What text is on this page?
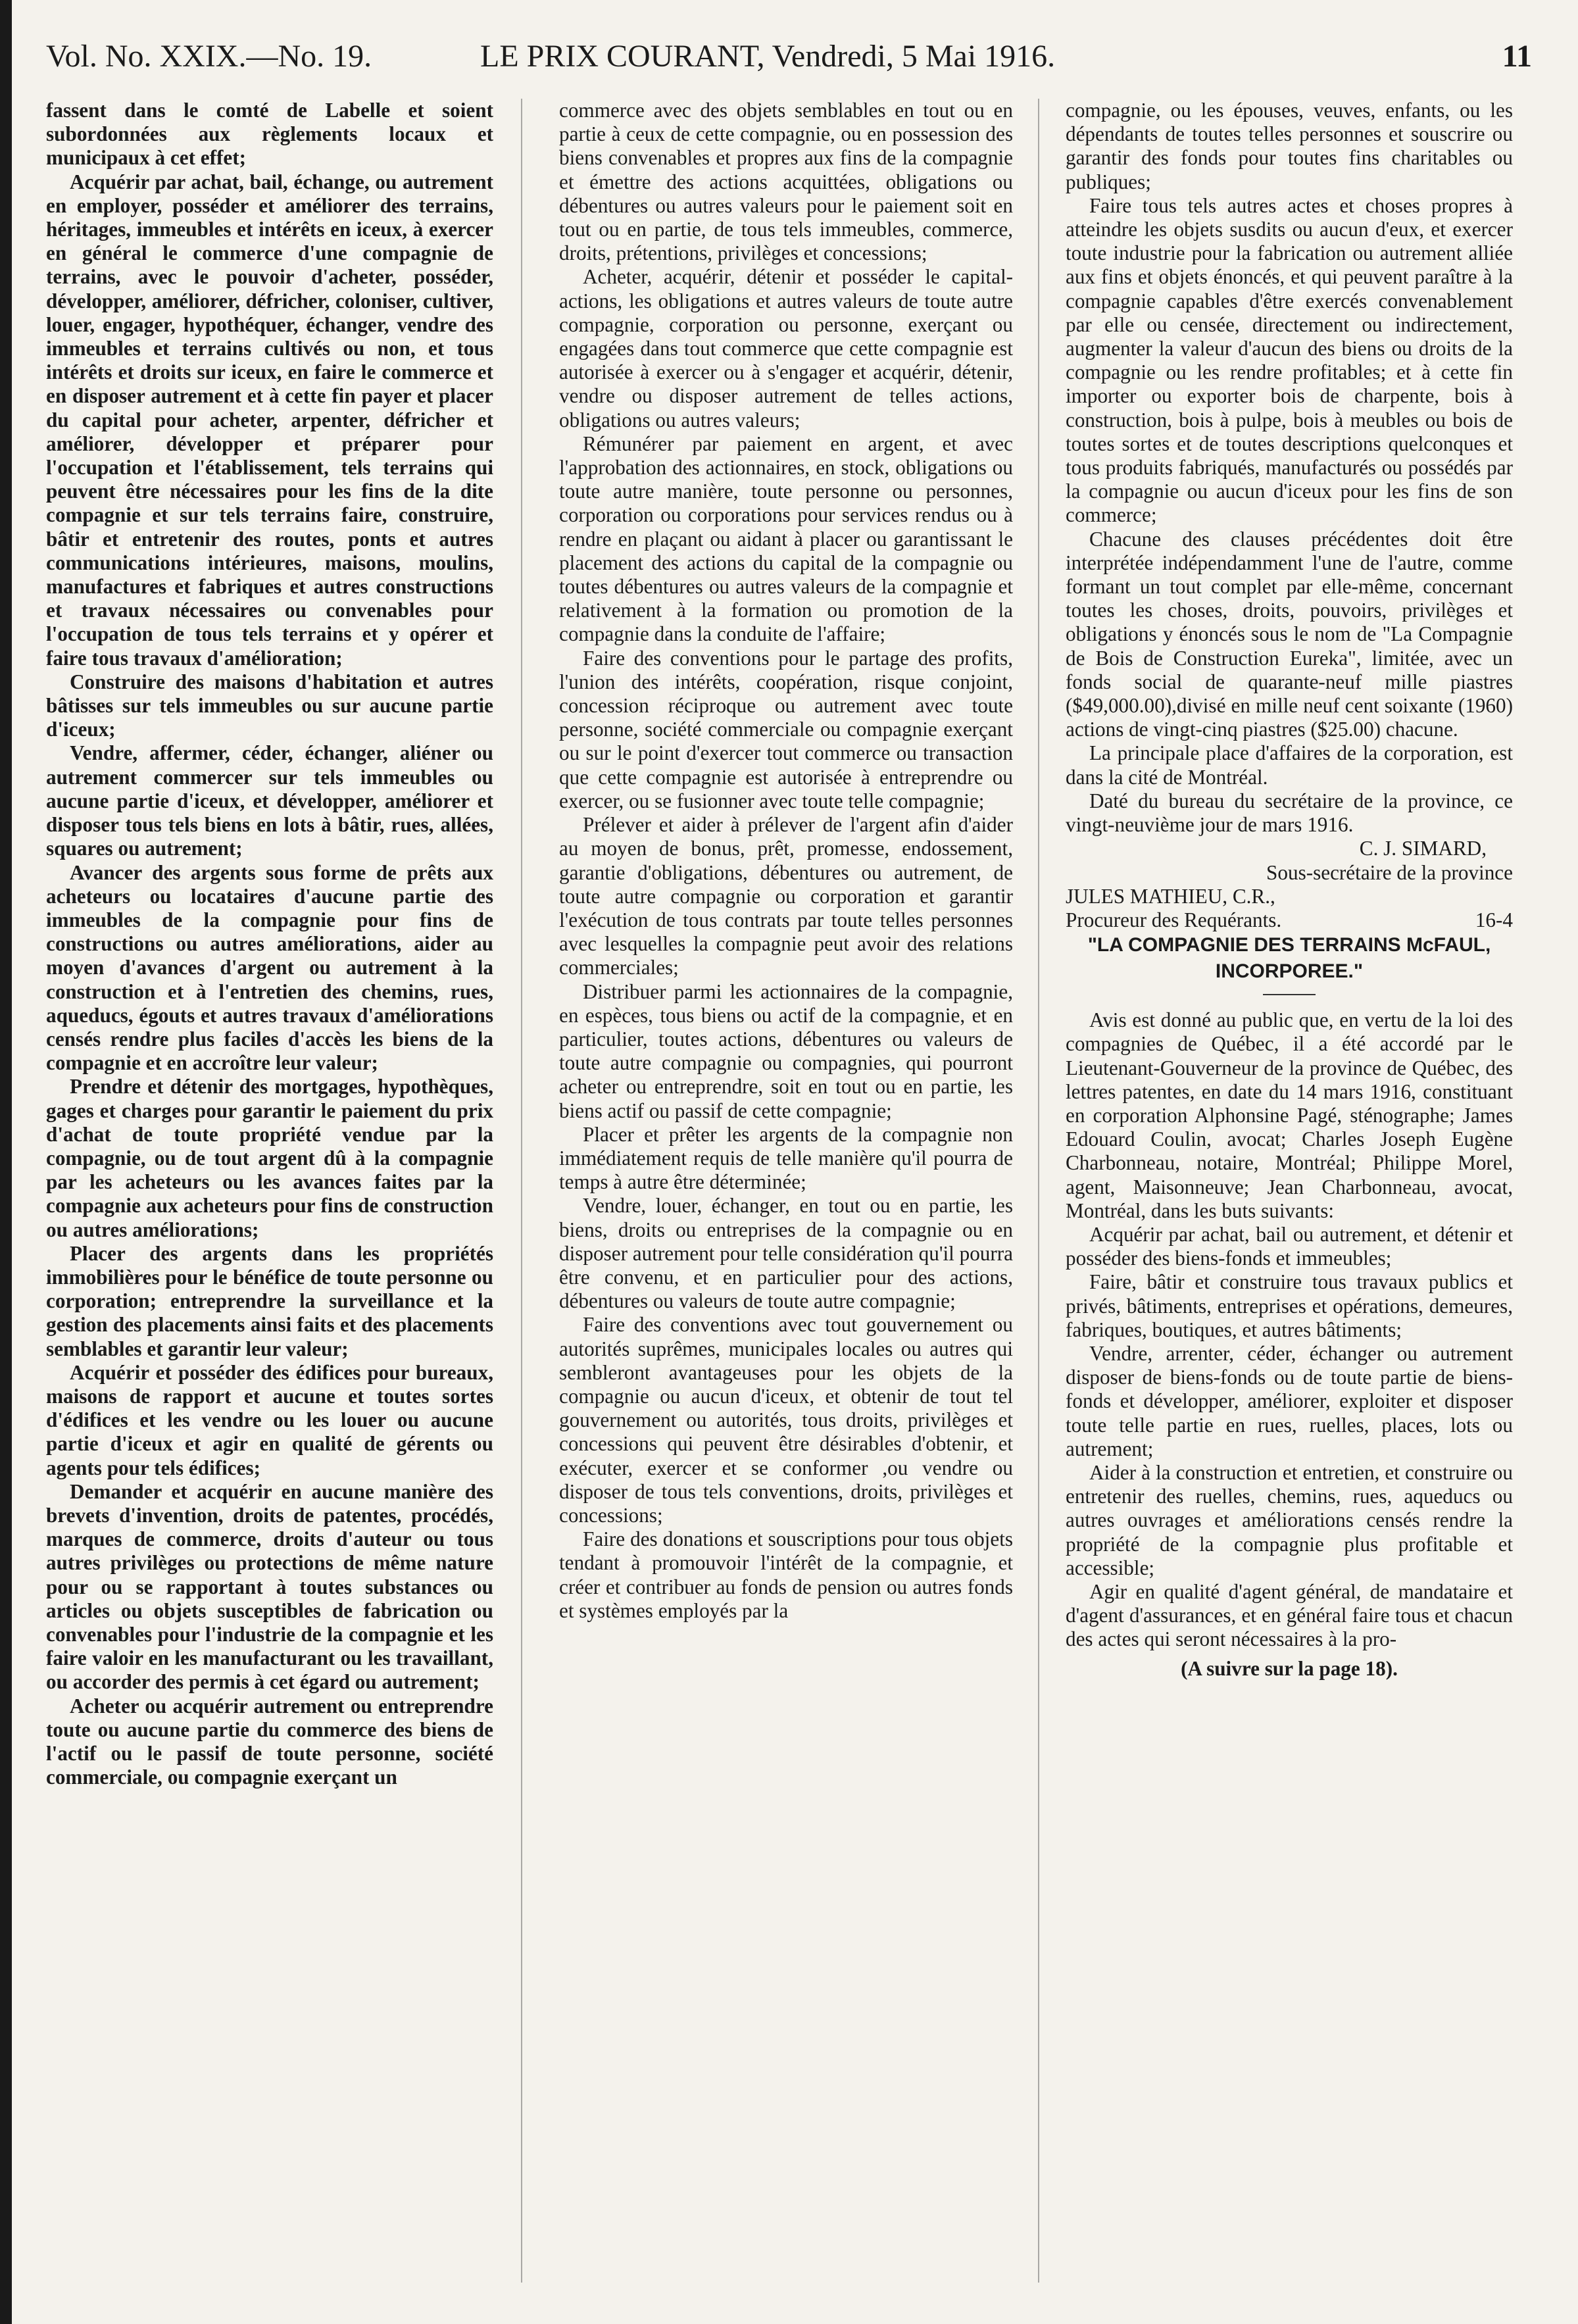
Vol. No. XXIX.—No. 19.	LE PRIX COURANT, Vendredi, 5 Mai 1916.	11

fassent dans le comté de Labelle et soient subordonnées aux règlements locaux et municipaux à cet effet;

Acquérir par achat, bail, échange, ou autrement en employer, posséder et améliorer des terrains, héritages, immeubles et intérêts en iceux, à exercer en général le commerce d'une compagnie de terrains, avec le pouvoir d'acheter, posséder, développer, améliorer, défricher, coloniser, cultiver, louer, engager, hypothéquer, échanger, vendre des immeubles et terrains cultivés ou non, et tous intérêts et droits sur iceux, en faire le commerce et en disposer autrement et à cette fin payer et placer du capital pour acheter, arpenter, défricher et améliorer, développer et préparer pour l'occupation et l'établissement, tels terrains qui peuvent être nécessaires pour les fins de la dite compagnie et sur tels terrains faire, construire, bâtir et entretenir des routes, ponts et autres communications intérieures, maisons, moulins, manufactures et fabriques et autres constructions et travaux nécessaires ou convenables pour l'occupation de tous tels terrains et y opérer et faire tous travaux d'amélioration;

Construire des maisons d'habitation et autres bâtisses sur tels immeubles ou sur aucune partie d'iceux;

Vendre, affermer, céder, échanger, aliéner ou autrement commercer sur tels immeubles ou aucune partie d'iceux, et développer, améliorer et disposer tous tels biens en lots à bâtir, rues, allées, squares ou autrement;

Avancer des argents sous forme de prêts aux acheteurs ou locataires d'aucune partie des immeubles de la compagnie pour fins de constructions ou autres améliorations, aider au moyen d'avances d'argent ou autrement à la construction et à l'entretien des chemins, rues, aqueducs, égouts et autres travaux d'améliorations censés rendre plus faciles d'accès les biens de la compagnie et en accroître leur valeur;

Prendre et détenir des mortgages, hypothèques, gages et charges pour garantir le paiement du prix d'achat de toute propriété vendue par la compagnie, ou de tout argent dû à la compagnie par les acheteurs ou les avances faites par la compagnie aux acheteurs pour fins de construction ou autres améliorations;

Placer des argents dans les propriétés immobilières pour le bénéfice de toute personne ou corporation; entreprendre la surveillance et la gestion des placements ainsi faits et des placements semblables et garantir leur valeur;

Acquérir et posséder des édifices pour bureaux, maisons de rapport et aucune et toutes sortes d'édifices et les vendre ou les louer ou aucune partie d'iceux et agir en qualité de gérents ou agents pour tels édifices;

Demander et acquérir en aucune manière des brevets d'invention, droits de patentes, procédés, marques de commerce, droits d'auteur ou tous autres privilèges ou protections de même nature pour ou se rapportant à toutes substances ou articles ou objets susceptibles de fabrication ou convenables pour l'industrie de la compagnie et les faire valoir en les manufacturant ou les travaillant, ou accorder des permis à cet égard ou autrement;

Acheter ou acquérir autrement ou entreprendre toute ou aucune partie du commerce des biens de l'actif ou le passif de toute personne, société commerciale, ou compagnie exerçant un

commerce avec des objets semblables en tout ou en partie à ceux de cette compagnie, ou en possession des biens convenables et propres aux fins de la compagnie et émettre des actions acquittées, obligations ou débentures ou autres valeurs pour le paiement soit en tout ou en partie, de tous tels immeubles, commerce, droits, prétentions, privilèges et concessions;

Acheter, acquérir, détenir et posséder le capital-actions, les obligations et autres valeurs de toute autre compagnie, corporation ou personne, exerçant ou engagées dans tout commerce que cette compagnie est autorisée à exercer ou à s'engager et acquérir, détenir, vendre ou disposer autrement de telles actions, obligations ou autres valeurs;

Rémunérer par paiement en argent, et avec l'approbation des actionnaires, en stock, obligations ou toute autre manière, toute personne ou personnes, corporation ou corporations pour services rendus ou à rendre en plaçant ou aidant à placer ou garantissant le placement des actions du capital de la compagnie ou toutes débentures ou autres valeurs de la compagnie et relativement à la formation ou promotion de la compagnie dans la conduite de l'affaire;

Faire des conventions pour le partage des profits, l'union des intérêts, coopération, risque conjoint, concession réciproque ou autrement avec toute personne, société commerciale ou compagnie exerçant ou sur le point d'exercer tout commerce ou transaction que cette compagnie est autorisée à entreprendre ou exercer, ou se fusionner avec toute telle compagnie;

Prélever et aider à prélever de l'argent afin d'aider au moyen de bonus, prêt, promesse, endossement, garantie d'obligations, débentures ou autrement, de toute autre compagnie ou corporation et garantir l'exécution de tous contrats par toute telles personnes avec lesquelles la compagnie peut avoir des relations commerciales;

Distribuer parmi les actionnaires de la compagnie, en espèces, tous biens ou actif de la compagnie, et en particulier, toutes actions, débentures ou valeurs de toute autre compagnie ou compagnies, qui pourront acheter ou entreprendre, soit en tout ou en partie, les biens actif ou passif de cette compagnie;

Placer et prêter les argents de la compagnie non immédiatement requis de telle manière qu'il pourra de temps à autre être déterminée;

Vendre, louer, échanger, en tout ou en partie, les biens, droits ou entreprises de la compagnie ou en disposer autrement pour telle considération qu'il pourra être convenu, et en particulier pour des actions, débentures ou valeurs de toute autre compagnie;

Faire des conventions avec tout gouvernement ou autorités suprêmes, municipales locales ou autres qui sembleront avantageuses pour les objets de la compagnie ou aucun d'iceux, et obtenir de tout tel gouvernement ou autorités, tous droits, privilèges et concessions qui peuvent être désirables d'obtenir, et exécuter, exercer et se conformer ,ou vendre ou disposer de tous tels conventions, droits, privilèges et concessions;

Faire des donations et souscriptions pour tous objets tendant à promouvoir l'intérêt de la compagnie, et créer et contribuer au fonds de pension ou autres fonds et systèmes employés par la

compagnie, ou les épouses, veuves, enfants, ou les dépendants de toutes telles personnes et souscrire ou garantir des fonds pour toutes fins charitables ou publiques;

Faire tous tels autres actes et choses propres à atteindre les objets susdits ou aucun d'eux, et exercer toute industrie pour la fabrication ou autrement alliée aux fins et objets énoncés, et qui peuvent paraître à la compagnie capables d'être exercés convenablement par elle ou censée, directement ou indirectement, augmenter la valeur d'aucun des biens ou droits de la compagnie ou les rendre profitables; et à cette fin importer ou exporter bois de charpente, bois à construction, bois à pulpe, bois à meubles ou bois de toutes sortes et de toutes descriptions quelconques et tous produits fabriqués, manufacturés ou possédés par la compagnie ou aucun d'iceux pour les fins de son commerce;

Chacune des clauses précédentes doit être interprétée indépendamment l'une de l'autre, comme formant un tout complet par elle-même, concernant toutes les choses, droits, pouvoirs, privilèges et obligations y énoncés sous le nom de "La Compagnie de Bois de Construction Eureka", limitée, avec un fonds social de quarante-neuf mille piastres ($49,000.00),divisé en mille neuf cent soixante (1960) actions de vingt-cinq piastres ($25.00) chacune.

La principale place d'affaires de la corporation, est dans la cité de Montréal.

Daté du bureau du secrétaire de la province, ce vingt-neuvième jour de mars 1916.

C. J. SIMARD,

Sous-secrétaire de la province

JULES MATHIEU, C.R.,

Procureur des Requérants.	16-4

"LA COMPAGNIE DES TERRAINS McFAUL, INCORPOREE."

Avis est donné au public que, en vertu de la loi des compagnies de Québec, il a été accordé par le Lieutenant-Gouverneur de la province de Québec, des lettres patentes, en date du 14 mars 1916, constituant en corporation Alphonsine Pagé, sténographe; James Edouard Coulin, avocat; Charles Joseph Eugène Charbonneau, notaire, Montréal; Philippe Morel, agent, Maisonneuve; Jean Charbonneau, avocat, Montréal, dans les buts suivants:

Acquérir par achat, bail ou autrement, et détenir et posséder des biens-fonds et immeubles;

Faire, bâtir et construire tous travaux publics et privés, bâtiments, entreprises et opérations, demeures, fabriques, boutiques, et autres bâtiments;

Vendre, arrenter, céder, échanger ou autrement disposer de biens-fonds ou de toute partie de biens-fonds et développer, améliorer, exploiter et disposer toute telle partie en rues, ruelles, places, lots ou autrement;

Aider à la construction et entretien, et construire ou entretenir des ruelles, chemins, rues, aqueducs ou autres ouvrages et améliorations censés rendre la propriété de la compagnie plus profitable et accessible;

Agir en qualité d'agent général, de mandataire et d'agent d'assurances, et en général faire tous et chacun des actes qui seront nécessaires à la pro-

(A suivre sur la page 18).
